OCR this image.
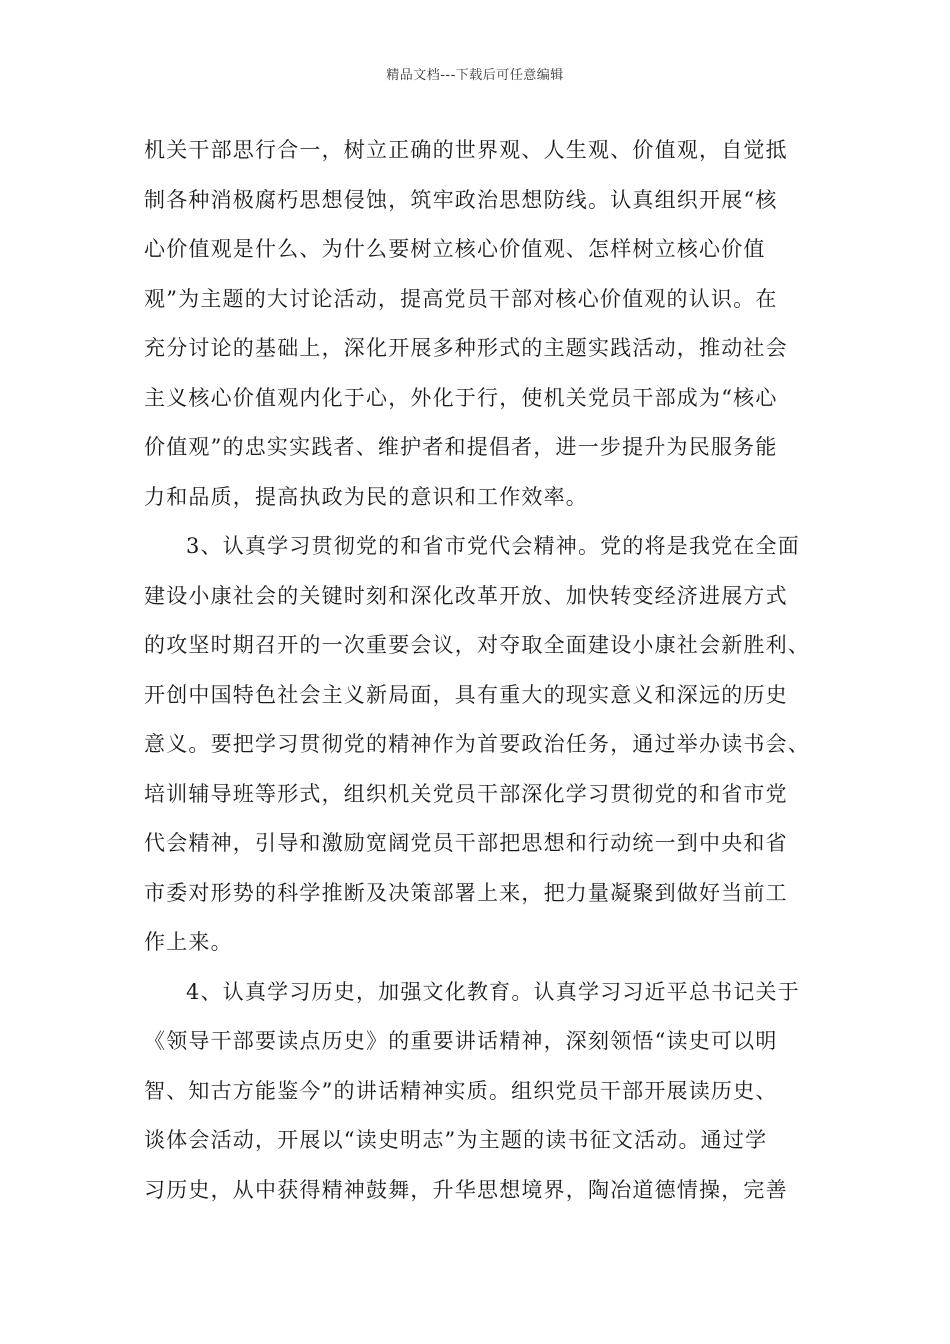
精品文档---下载后可任意编辑
机关干部思行合一，树立正确的世界观、人生观、价值观，自觉抵
制各种消极腐朽思想侵蚀，筑牢政治思想防线。认真组织开展“核
心价值观是什么、为什么要树立核心价值观、怎样树立核心价值
观”为主题的大讨论活动，提高党员干部对核心价值观的认识。在
充分讨论的基础上，深化开展多种形式的主题实践活动，推动社会
主义核心价值观内化于心，外化于行，使机关党员干部成为“核心
价值观”的忠实实践者、维护者和提倡者，进一步提升为民服务能
力和品质，提高执政为民的意识和工作效率。
3、认真学习贯彻党的和省市党代会精神。党的将是我党在全面
建设小康社会的关键时刻和深化改革开放、加快转变经济进展方式
的攻坚时期召开的一次重要会议，对夺取全面建设小康社会新胜利、
开创中国特色社会主义新局面，具有重大的现实意义和深远的历史
意义。要把学习贯彻党的精神作为首要政治任务，通过举办读书会、
培训辅导班等形式，组织机关党员干部深化学习贯彻党的和省市党
代会精神，引导和激励宽阔党员干部把思想和行动统一到中央和省
市委对形势的科学推断及决策部署上来，把力量凝聚到做好当前工
作上来。
4、认真学习历史，加强文化教育。认真学习习近平总书记关于
《领导干部要读点历史》的重要讲话精神，深刻领悟“读史可以明
智、知古方能鉴今”的讲话精神实质。组织党员干部开展读历史、
谈体会活动，开展以“读史明志”为主题的读书征文活动。通过学
习历史，从中获得精神鼓舞，升华思想境界，陶冶道德情操，完善
